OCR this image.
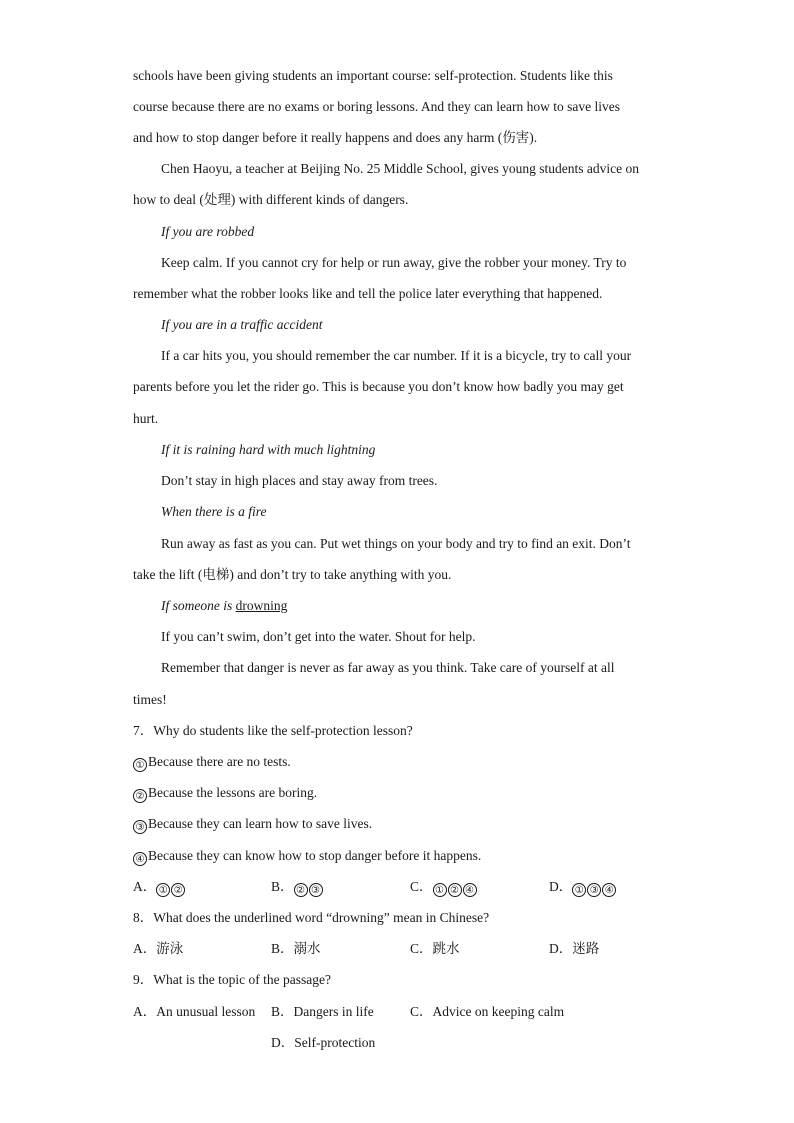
schools have been giving students an important course: self-protection. Students like this
course because there are no exams or boring lessons. And they can learn how to save lives
and how to stop danger before it really happens and does any harm (伤害).
Chen Haoyu, a teacher at Beijing No. 25 Middle School, gives young students advice on
how to deal (处理) with different kinds of dangers.
If you are robbed
Keep calm. If you cannot cry for help or run away, give the robber your money. Try to
remember what the robber looks like and tell the police later everything that happened.
If you are in a traffic accident
If a car hits you, you should remember the car number. If it is a bicycle, try to call your
parents before you let the rider go. This is because you don’t know how badly you may get
hurt.
If it is raining hard with much lightning
Don’t stay in high places and stay away from trees.
When there is a fire
Run away as fast as you can. Put wet things on your body and try to find an exit. Don’t
take the lift (电梯) and don’t try to take anything with you.
If someone is drowning
If you can’t swim, don’t get into the water. Shout for help.
Remember that danger is never as far away as you think. Take care of yourself at all
times!
7．Why do students like the self-protection lesson?
① Because there are no tests.
② Because the lessons are boring.
③ Because they can learn how to save lives.
④ Because they can know how to stop danger before it happens.
A． ① ②	B． ② ③	C． ① ② ④	D． ① ③ ④
8．What does the underlined word “drowning” mean in Chinese?
A．游泳	B．溺水	C．跳水	D．迷路
9．What is the topic of the passage?
A．An unusual lesson B．Dangers in life	C．Advice on keeping calm
D．Self-protection
